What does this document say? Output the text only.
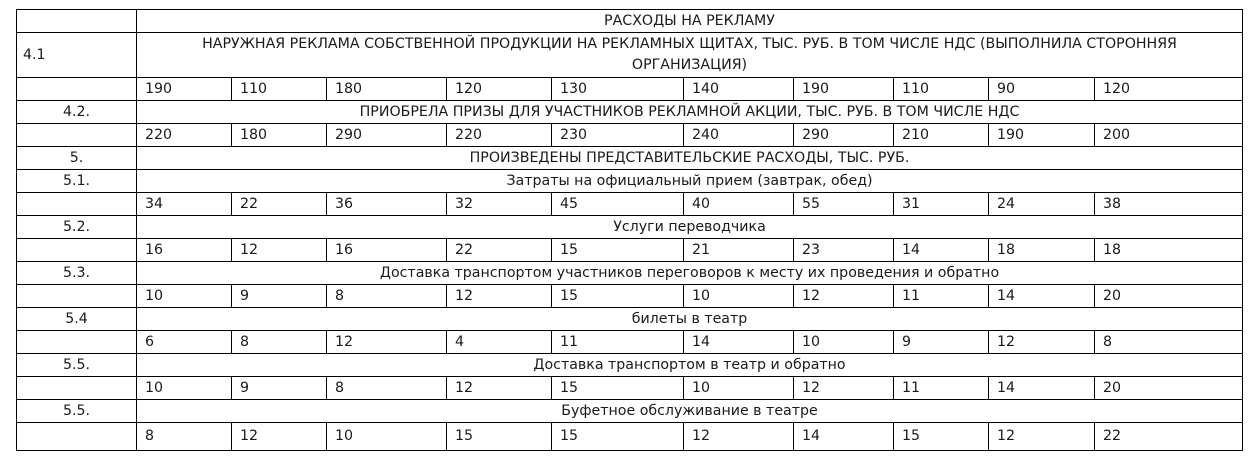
	РАСХОДЫ НА РЕКЛАМУ									
4.1	НАРУЖНАЯ РЕКЛАМА СОБСТВЕННОЙ ПРОДУКЦИИ НА РЕКЛАМНЫХ ЩИТАХ, ТЫС. РУБ. В ТОМ ЧИСЛЕ НДС (ВЫПОЛНИЛА СТОРОННЯЯ ОРГАНИЗАЦИЯ)									
	190	110	180	120	130	140	190	110	90	120
4.2.	ПРИОБРЕЛА ПРИЗЫ ДЛЯ УЧАСТНИКОВ РЕКЛАМНОЙ АКЦИИ, ТЫС. РУБ. В ТОМ ЧИСЛЕ НДС									
	220	180	290	220	230	240	290	210	190	200
5.	ПРОИЗВЕДЕНЫ ПРЕДСТАВИТЕЛЬСКИЕ РАСХОДЫ, ТЫС. РУБ.									
5.1.	Затраты на официальный прием (завтрак, обед)									
	34	22	36	32	45	40	55	31	24	38
5.2.	Услуги переводчика									
	16	12	16	22	15	21	23	14	18	18
5.3.	Доставка транспортом участников переговоров к месту их проведения и обратно									
	10	9	8	12	15	10	12	11	14	20
5.4	билеты в театр									
	6	8	12	4	11	14	10	9	12	8
5.5.	Доставка транспортом в театр и обратно									
	10	9	8	12	15	10	12	11	14	20
5.5.	Буфетное обслуживание в театре									
	8	12	10	15	15	12	14	15	12	22
